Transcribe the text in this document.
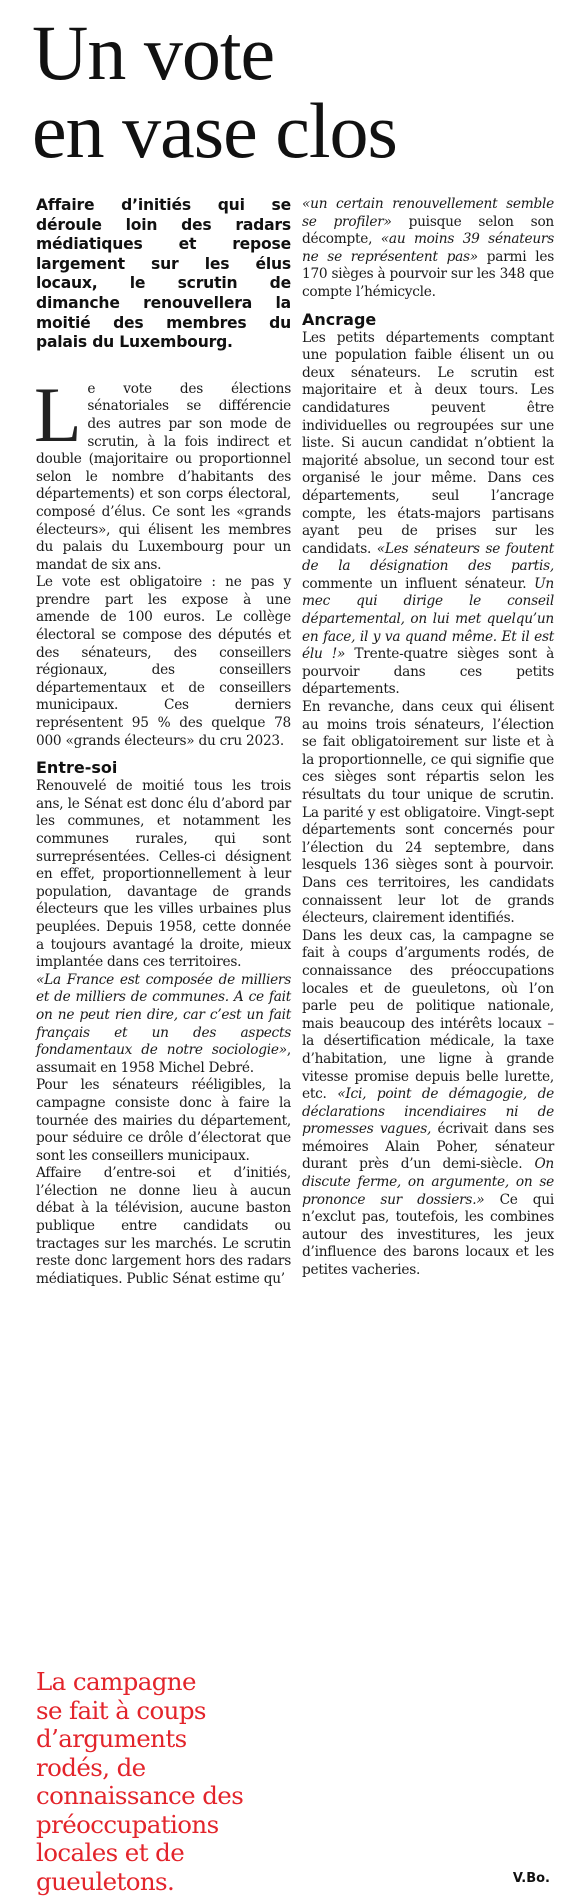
Un vote
en vase clos

Affaire d’initiés qui se déroule loin des radars médiatiques et repose largement sur les élus locaux, le scrutin de dimanche renouvellera la moitié des membres du palais du Luxembourg.

Le vote des élections sénatoriales se différencie des autres par son mode de scrutin, à la fois indirect et double (majoritaire ou proportionnel selon le nombre d’habitants des départements) et son corps électoral, composé d’élus. Ce sont les «grands électeurs», qui élisent les membres du palais du Luxembourg pour un mandat de six ans.

Le vote est obligatoire : ne pas y prendre part les expose à une amende de 100 euros. Le collège électoral se compose des députés et des sénateurs, des conseillers régionaux, des conseillers départementaux et de conseillers municipaux. Ces derniers représentent 95 % des quelque 78 000 «grands électeurs» du cru 2023.

Entre-soi

Renouvelé de moitié tous les trois ans, le Sénat est donc élu d’abord par les communes, et notamment les communes rurales, qui sont surreprésentées. Celles-ci désignent en effet, proportionnellement à leur population, davantage de grands électeurs que les villes urbaines plus peuplées. Depuis 1958, cette donnée a toujours avantagé la droite, mieux implantée dans ces territoires.

«La France est composée de milliers et de milliers de communes. A ce fait on ne peut rien dire, car c’est un fait français et un des aspects fondamentaux de notre sociologie», assumait en 1958 Michel Debré.

Pour les sénateurs rééligibles, la campagne consiste donc à faire la tournée des mairies du département, pour séduire ce drôle d’électorat que sont les conseillers municipaux.

Affaire d’entre-soi et d’initiés, l’élection ne donne lieu à aucun débat à la télévision, aucune baston publique entre candidats ou tractages sur les marchés. Le scrutin reste donc largement hors des radars médiatiques. Public Sénat estime qu’

«un certain renouvellement semble se profiler» puisque selon son décompte, «au moins 39 sénateurs ne se représentent pas» parmi les 170 sièges à pourvoir sur les 348 que compte l’hémicycle.

Ancrage

Les petits départements comptant une population faible élisent un ou deux sénateurs. Le scrutin est majoritaire et à deux tours. Les candidatures peuvent être individuelles ou regroupées sur une liste. Si aucun candidat n’obtient la majorité absolue, un second tour est organisé le jour même. Dans ces départements, seul l’ancrage compte, les états-majors partisans ayant peu de prises sur les candidats. «Les sénateurs se foutent de la désignation des partis, commente un influent sénateur. Un mec qui dirige le conseil départemental, on lui met quelqu’un en face, il y va quand même. Et il est élu !» Trente-quatre sièges sont à pourvoir dans ces petits départements.

En revanche, dans ceux qui élisent au moins trois sénateurs, l’élection se fait obligatoirement sur liste et à la proportionnelle, ce qui signifie que ces sièges sont répartis selon les résultats du tour unique de scrutin. La parité y est obligatoire. Vingt-sept départements sont concernés pour l’élection du 24 septembre, dans lesquels 136 sièges sont à pourvoir. Dans ces territoires, les candidats connaissent leur lot de grands électeurs, clairement identifiés.

Dans les deux cas, la campagne se fait à coups d’arguments rodés, de connaissance des préoccupations locales et de gueuletons, où l’on parle peu de politique nationale, mais beaucoup des intérêts locaux – la désertification médicale, la taxe d’habitation, une ligne à grande vitesse promise depuis belle lurette, etc. «Ici, point de démagogie, de déclarations incendiaires ni de promesses vagues, écrivait dans ses mémoires Alain Poher, sénateur durant près d’un demi-siècle. On discute ferme, on argumente, on se prononce sur dossiers.» Ce qui n’exclut pas, toutefois, les combines autour des investitures, les jeux d’influence des barons locaux et les petites vacheries.

La campagne
se fait à coups
d’arguments
rodés, de
connaissance des
préoccupations
locales et de
gueuletons.	V.Bo.
